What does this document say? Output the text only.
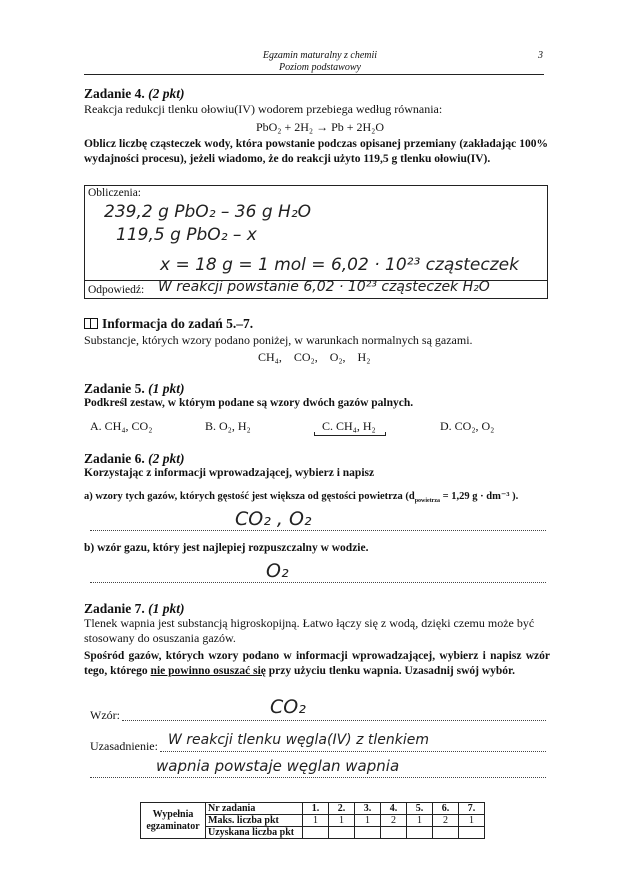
Egzamin maturalny z chemii
Poziom podstawowy
3
Zadanie 4. (2 pkt)
Reakcja redukcji tlenku ołowiu(IV) wodorem przebiega według równania:
PbO₂ + 2H₂ → Pb + 2H₂O
Oblicz liczbę cząsteczek wody, która powstanie podczas opisanej przemiany (zakładając 100% wydajności procesu), jeżeli wiadomo, że do reakcji użyto 119,5 g tlenku ołowiu(IV).
Obliczenia:
239,2 g PbO₂ – 36 g H₂O
119,5 g PbO₂ – x
x = 18 g = 1 mol = 6,02 · 10²³ cząsteczek
Odpowiedź: W reakcji powstanie 6,02 · 10²³ cząsteczek H₂O
Informacja do zadań 5.–7.
Substancje, których wzory podano poniżej, w warunkach normalnych są gazami.
CH₄,    CO₂,    O₂,    H₂
Zadanie 5. (1 pkt)
Podkreśl zestaw, w którym podane są wzory dwóch gazów palnych.
A. CH₄, CO₂	B. O₂, H₂	C. CH₄, H₂	D. CO₂, O₂
Zadanie 6. (2 pkt)
Korzystając z informacji wprowadzającej, wybierz i napisz
a) wzory tych gazów, których gęstość jest większa od gęstości powietrza ($d_{powietrza} = 1,29$ g · dm⁻³ ).
CO₂ , O₂
b) wzór gazu, który jest najlepiej rozpuszczalny w wodzie.
O₂
Zadanie 7. (1 pkt)
Tlenek wapnia jest substancją higroskopijną. Łatwo łączy się z wodą, dzięki czemu może być stosowany do osuszania gazów.
Spośród gazów, których wzory podano w informacji wprowadzającej, wybierz i napisz wzór tego, którego nie powinno osuszać się przy użyciu tlenku wapnia. Uzasadnij swój wybór.
Wzór:	CO₂
Uzasadnienie: W reakcji tlenku węgla(IV) z tlenkiem
wapnia powstaje węglan wapnia
Wypełnia egzaminator	Nr zadania	1.	2.	3.	4.	5.	6.	7.
	Maks. liczba pkt	1	1	1	2	1	2	1
	Uzyskana liczba pkt							
